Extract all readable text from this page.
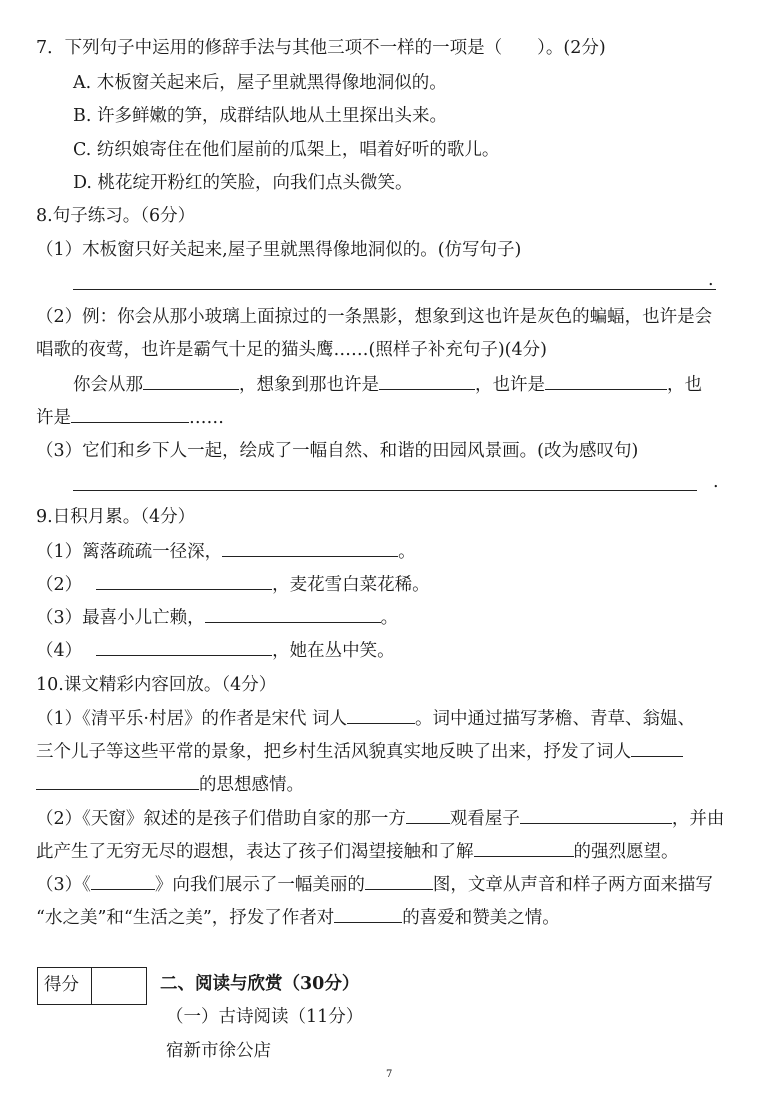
7．下列句子中运用的修辞手法与其他三项不一样的一项是（　　）。(2分)
A. 木板窗关起来后，屋子里就黑得像地洞似的。
B. 许多鲜嫩的笋，成群结队地从土里探出头来。
C. 纺织娘寄住在他们屋前的瓜架上，唱着好听的歌儿。
D. 桃花绽开粉红的笑脸，向我们点头微笑。
8.句子练习。（6分）
（1）木板窗只好关起来,屋子里就黑得像地洞似的。(仿写句子)
.
（2）例：你会从那小玻璃上面掠过的一条黑影，想象到这也许是灰色的蝙蝠，也许是会
唱歌的夜莺，也许是霸气十足的猫头鹰……(照样子补充句子)(4分)
你会从那	，想象到那也许是	，也许是	，也
许是	……
（3）它们和乡下人一起，绘成了一幅自然、和谐的田园风景画。(改为感叹句)
.
9.日积月累。（4分）
（1）篱落疏疏一径深，	。
（2）	，麦花雪白菜花稀。
（3）最喜小儿亡赖，	。
（4）	，她在丛中笑。
10.课文精彩内容回放。（4分）
（1）《清平乐·村居》的作者是宋代 词人	。词中通过描写茅檐、青草、翁媪、
三个儿子等这些平常的景象，把乡村生活风貌真实地反映了出来，抒发了词人
的思想感情。
（2）《天窗》叙述的是孩子们借助自家的那一方	观看屋子	，并由
此产生了无穷无尽的遐想，表达了孩子们渴望接触和了解	的强烈愿望。
（3）《	》向我们展示了一幅美丽的	图，文章从声音和样子两方面来描写
“水之美”和“生活之美”，抒发了作者对	的喜爱和赞美之情。
得分	二、阅读与欣赏（30分）
（一）古诗阅读（11分）
宿新市徐公店
7
